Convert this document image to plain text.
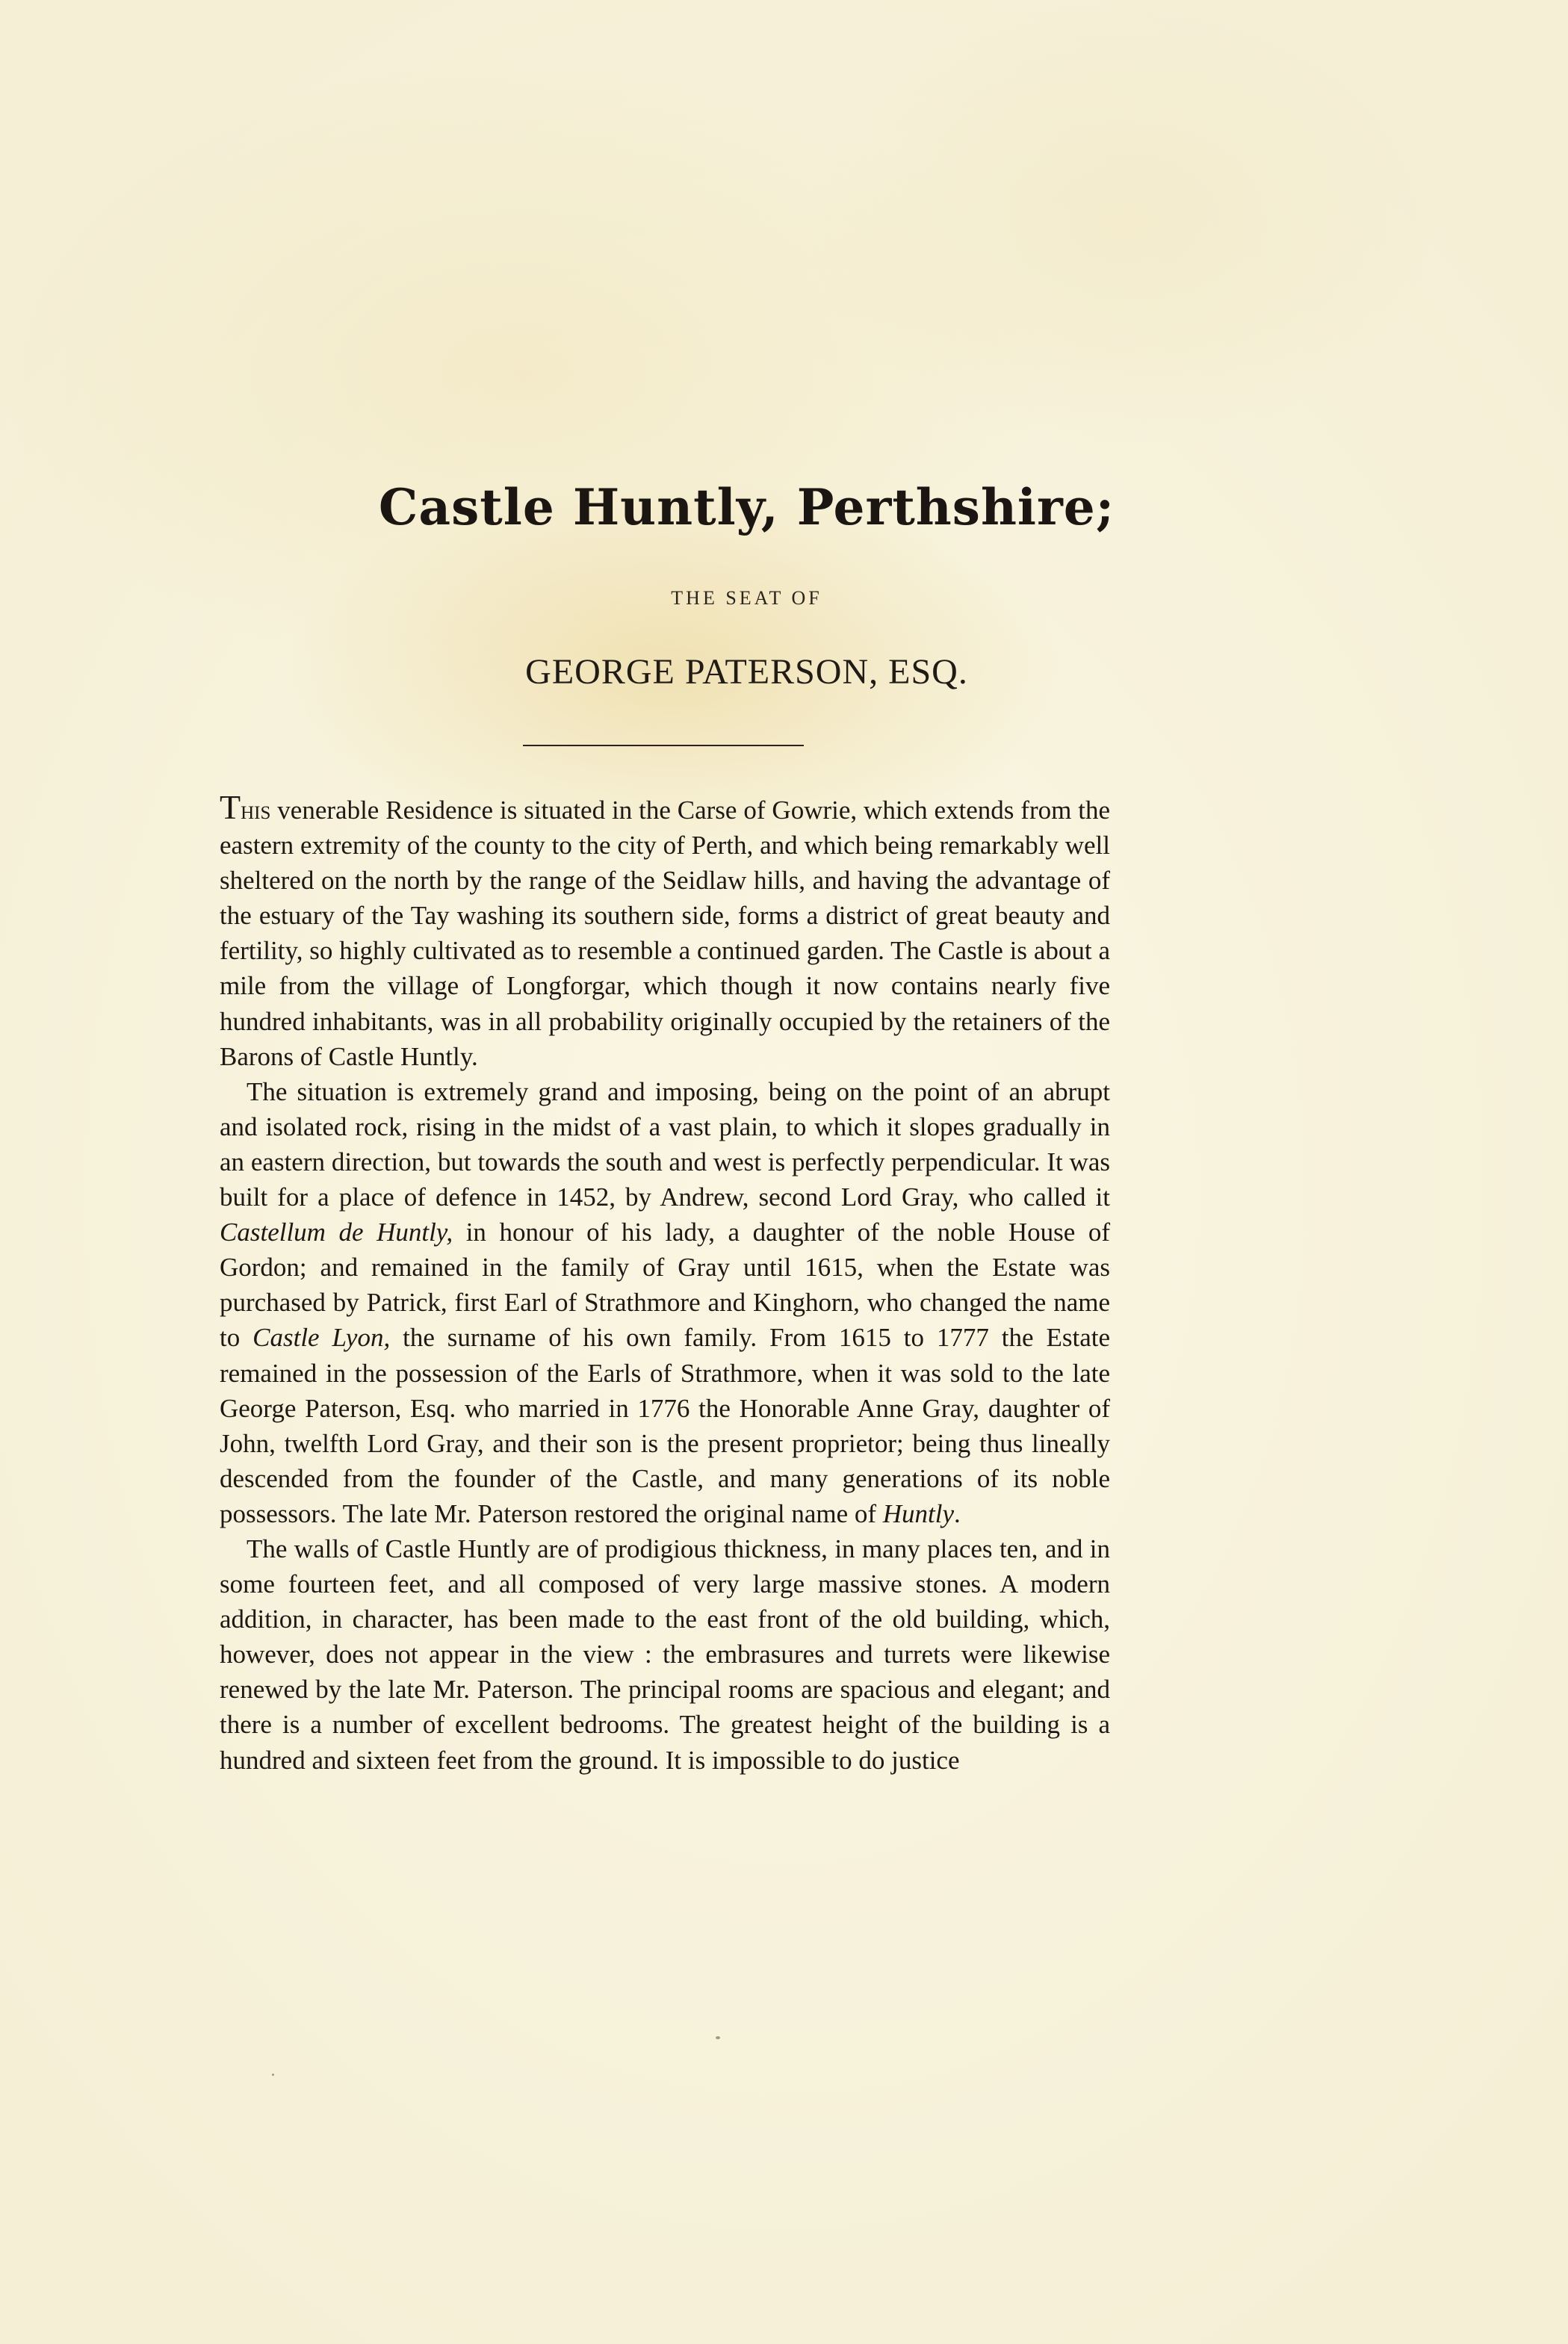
Castle Huntly, Perthshire;
THE SEAT OF
GEORGE PATERSON, ESQ.

This venerable Residence is situated in the Carse of Gowrie, which extends from the eastern extremity of the county to the city of Perth, and which being remarkably well sheltered on the north by the range of the Seidlaw hills, and having the advantage of the estuary of the Tay washing its southern side, forms a district of great beauty and fertility, so highly cultivated as to resemble a continued garden. The Castle is about a mile from the village of Longforgar, which though it now contains nearly five hundred inhabitants, was in all probability originally occupied by the retainers of the Barons of Castle Huntly.

The situation is extremely grand and imposing, being on the point of an abrupt and isolated rock, rising in the midst of a vast plain, to which it slopes gradually in an eastern direction, but towards the south and west is perfectly perpendicular. It was built for a place of defence in 1452, by Andrew, second Lord Gray, who called it Castellum de Huntly, in honour of his lady, a daughter of the noble House of Gordon; and remained in the family of Gray until 1615, when the Estate was purchased by Patrick, first Earl of Strathmore and Kinghorn, who changed the name to Castle Lyon, the surname of his own family. From 1615 to 1777 the Estate remained in the possession of the Earls of Strathmore, when it was sold to the late George Paterson, Esq. who married in 1776 the Honorable Anne Gray, daughter of John, twelfth Lord Gray, and their son is the present proprietor; being thus lineally descended from the founder of the Castle, and many generations of its noble possessors. The late Mr. Paterson restored the original name of Huntly.

The walls of Castle Huntly are of prodigious thickness, in many places ten, and in some fourteen feet, and all composed of very large massive stones. A modern addition, in character, has been made to the east front of the old building, which, however, does not appear in the view : the embrasures and turrets were likewise renewed by the late Mr. Paterson. The principal rooms are spacious and elegant; and there is a number of excellent bedrooms. The greatest height of the building is a hundred and sixteen feet from the ground. It is impossible to do justice
